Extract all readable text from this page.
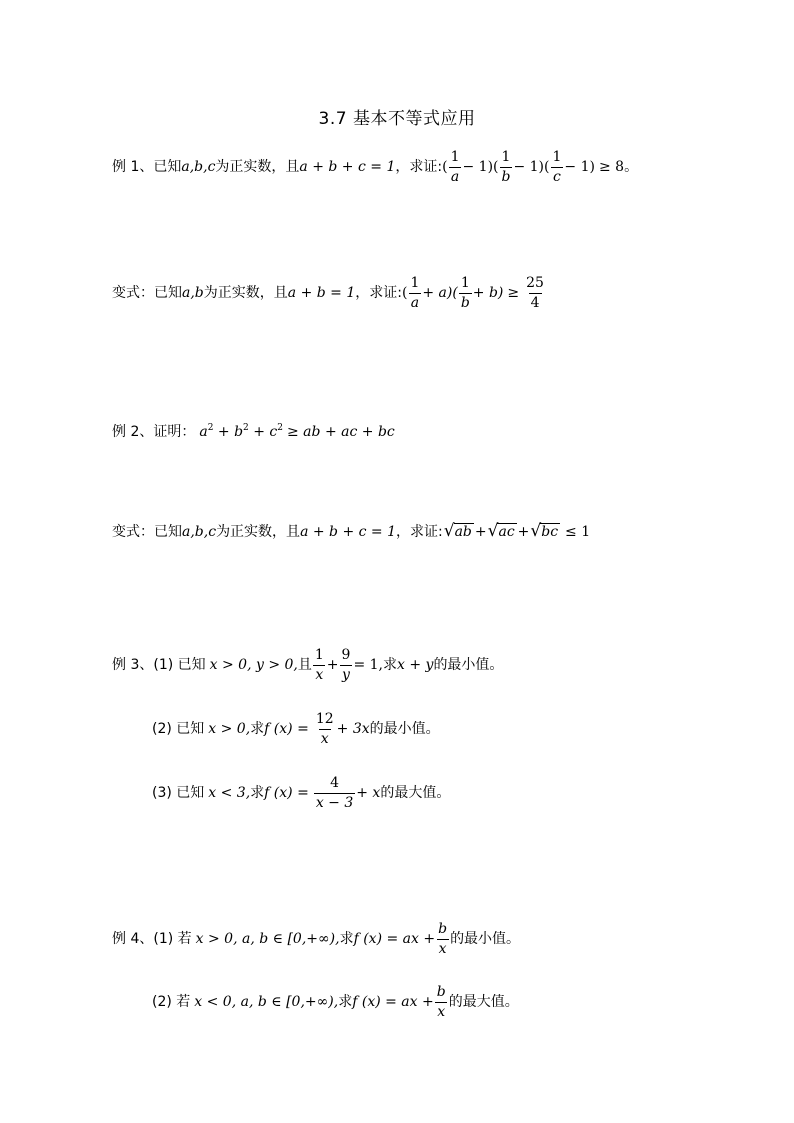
3.7 基本不等式应用
例 1、已知 a,b,c 为正实数，且 a + b + c = 1 ，求证: ( $\frac{1}{a} - 1)( \frac{1}{b} - 1)( \frac{1}{c} - 1) \ge 8$ 。
变式：已知 a,b 为正实数，且 a + b = 1 ，求证: ( $\frac{1}{a} + a)( \frac{1}{b} + b) \ge \frac{25}{4}$
例 2、证明： $a^2 + b^2 + c^2$ ≥ ab + ac + bc
变式：已知 a,b,c 为正实数，且 a + b + c = 1 ，求证: √ ab + √ ac + √ bc ≤ 1
例 3、(1) 已知 x > 0, y > 0, 且 $\frac{1}{x} + \frac{9}{y} = 1$, 求 x + y 的最小值。
(2) 已知 x > 0, 求 f $(x) = \frac{12}{x} + 3x$ 的最小值。
(3) 已知 x < 3, 求 f $(x) = \frac{4}{x - 3} + x$ 的最大值。
例 4、(1) 若 x > 0, a, b ∈ [0,+∞), 求 f (x) = ax + $\frac{b}{x}$ 的最小值。
(2) 若 x < 0, a, b ∈ [0,+∞), 求 f (x) = ax + $\frac{b}{x}$ 的最大值。
